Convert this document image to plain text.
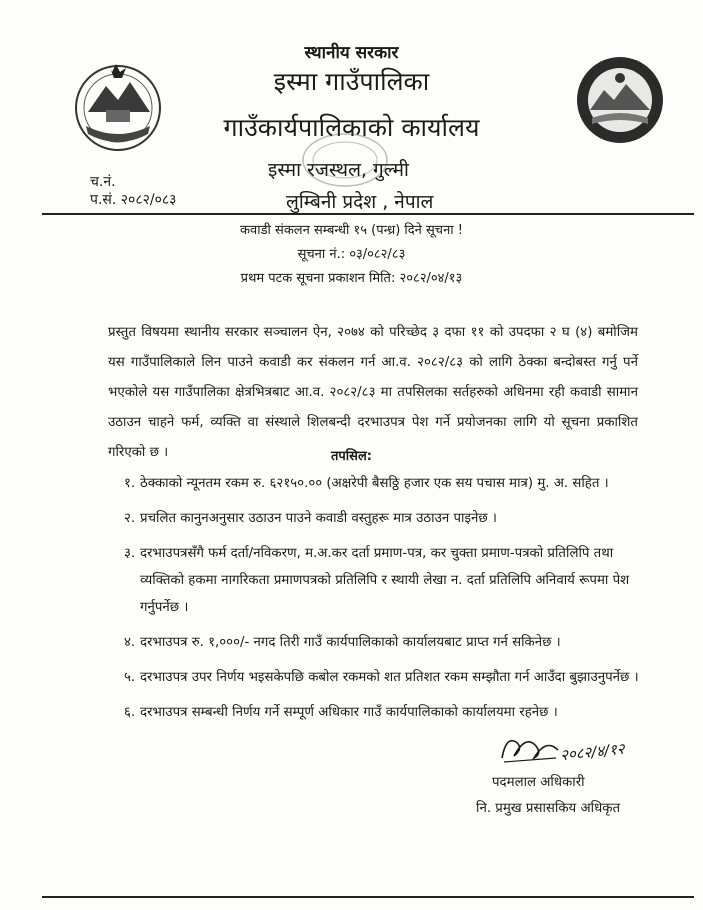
स्थानीय सरकार
इस्मा गाउँपालिका
गाउँकार्यपालिकाको कार्यालय
इस्मा रजस्थल, गुल्मी
लुम्बिनी प्रदेश , नेपाल
च.नं.
प.सं. २०८२/०८३
कवाडी संकलन सम्बन्धी १५ (पन्ध्र) दिने सूचना !
सूचना नं.: ०३/०८२/८३
प्रथम पटक सूचना प्रकाशन मिति: २०८२/०४/१३
प्रस्तुत विषयमा स्थानीय सरकार सञ्चालन ऐन, २०७४ को परिच्छेद ३ दफा ११ को उपदफा २ घ (४) बमोजिम यस गाउँपालिकाले लिन पाउने कवाडी कर संकलन गर्न आ.व. २०८२/८३ को लागि ठेक्का बन्दोबस्त गर्नु पर्ने भएकोले यस गाउँपालिका क्षेत्रभित्रबाट आ.व. २०८२/८३ मा तपसिलका सर्तहरुको अधिनमा रही कवाडी सामान उठाउन चाहने फर्म, व्यक्ति वा संस्थाले शिलबन्दी दरभाउपत्र पेश गर्ने प्रयोजनका लागि यो सूचना प्रकाशित गरिएको छ ।	तपसिल:
१. ठेक्काको न्यूनतम रकम रु. ६२१५०.०० (अक्षरेपी बैसठ्ठि हजार एक सय पचास मात्र) मु. अ. सहित ।
२. प्रचलित कानुनअनुसार उठाउन पाउने कवाडी वस्तुहरू मात्र उठाउन पाइनेछ ।
३. दरभाउपत्रसँगै फर्म दर्ता/नविकरण, म.अ.कर दर्ता प्रमाण-पत्र, कर चुक्ता प्रमाण-पत्रको प्रतिलिपि तथा व्यक्तिको हकमा नागरिकता प्रमाणपत्रको प्रतिलिपि र स्थायी लेखा न. दर्ता प्रतिलिपि अनिवार्य रूपमा पेश गर्नुपर्नेछ ।
४. दरभाउपत्र रु. १,०००/- नगद तिरी गाउँ कार्यपालिकाको कार्यालयबाट प्राप्त गर्न सकिनेछ ।
५. दरभाउपत्र उपर निर्णय भइसकेपछि कबोल रकमको शत प्रतिशत रकम सम्झौता गर्न आउँदा बुझाउनुपर्नेछ ।
६. दरभाउपत्र सम्बन्धी निर्णय गर्ने सम्पूर्ण अधिकार गाउँ कार्यपालिकाको कार्यालयमा रहनेछ ।
२०८२/४/१२
पदमलाल अधिकारी
नि. प्रमुख प्रसासकिय अधिकृत
